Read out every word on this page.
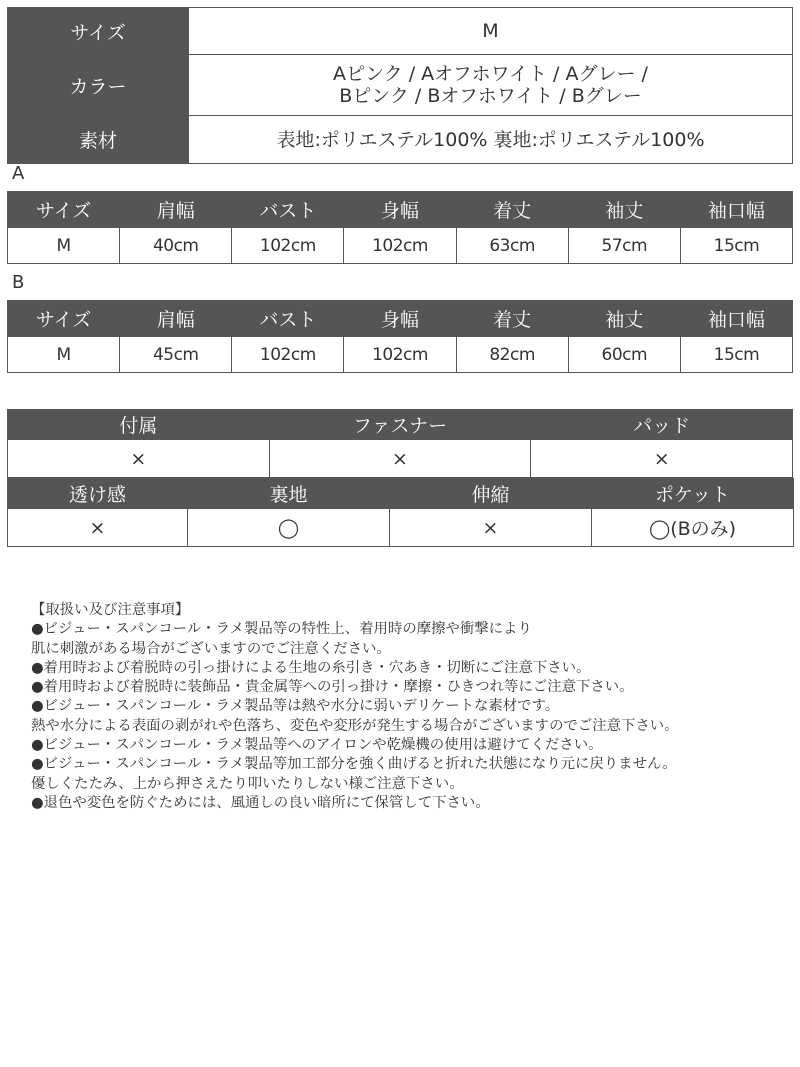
サイズ	M

カラー	Aピンク / Aオフホワイト / Aグレー /
Bピンク / Bオフホワイト / Bグレー

素材	表地:ポリエステル100% 裏地:ポリエステル100%
A
サイズ	肩幅	バスト	身幅	着丈	袖丈	袖口幅
M	40cm	102cm	102cm	63cm	57cm	15cm
B
サイズ	肩幅	バスト	身幅	着丈	袖丈	袖口幅
M	45cm	102cm	102cm	82cm	60cm	15cm
付属	ファスナー	パッド
×	×	×
透け感	裏地	伸縮	ポケット
×	◯	×	◯(Bのみ)
【取扱い及び注意事項】
●ビジュー・スパンコール・ラメ製品等の特性上、着用時の摩擦や衝撃により
肌に刺激がある場合がございますのでご注意ください。
●着用時および着脱時の引っ掛けによる生地の糸引き・穴あき・切断にご注意下さい。
●着用時および着脱時に装飾品・貴金属等への引っ掛け・摩擦・ひきつれ等にご注意下さい。
●ビジュー・スパンコール・ラメ製品等は熱や水分に弱いデリケートな素材です。
熱や水分による表面の剥がれや色落ち、変色や変形が発生する場合がございますのでご注意下さい。
●ビジュー・スパンコール・ラメ製品等へのアイロンや乾燥機の使用は避けてください。
●ビジュー・スパンコール・ラメ製品等加工部分を強く曲げると折れた状態になり元に戻りません。
優しくたたみ、上から押さえたり叩いたりしない様ご注意下さい。
●退色や変色を防ぐためには、風通しの良い暗所にて保管して下さい。
